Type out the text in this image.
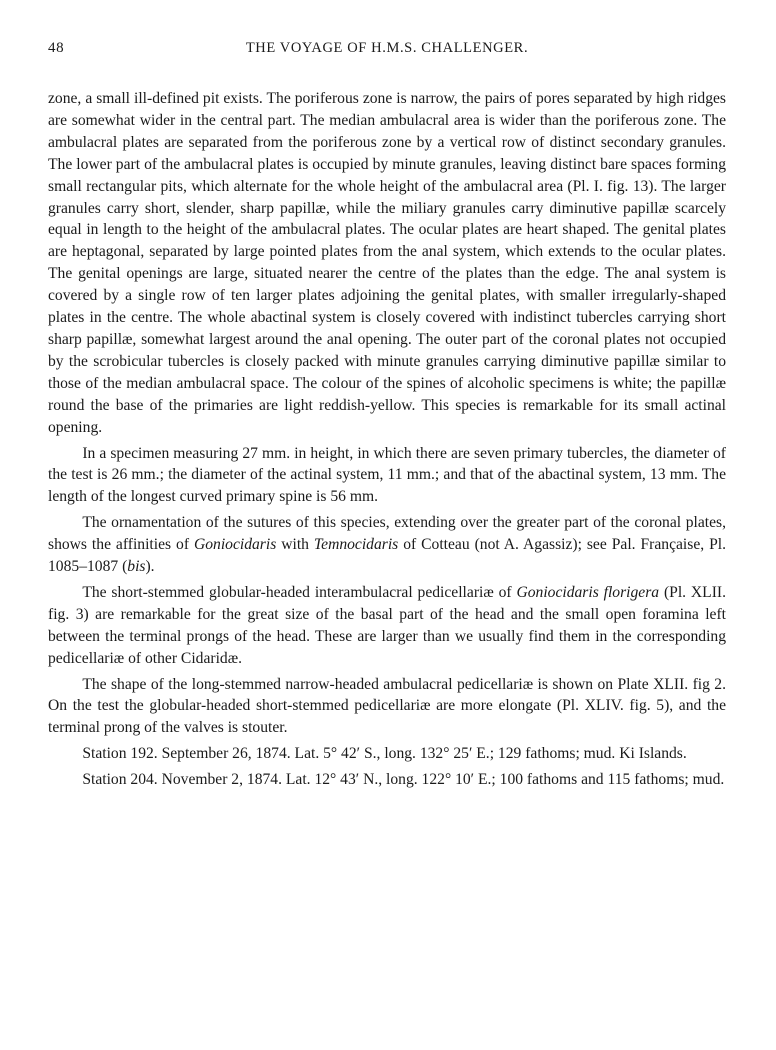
48	THE VOYAGE OF H.M.S. CHALLENGER.

zone, a small ill-defined pit exists. The poriferous zone is narrow, the pairs of pores separated by high ridges are somewhat wider in the central part. The median ambulacral area is wider than the poriferous zone. The ambulacral plates are separated from the poriferous zone by a vertical row of distinct secondary granules. The lower part of the ambulacral plates is occupied by minute granules, leaving distinct bare spaces forming small rectangular pits, which alternate for the whole height of the ambulacral area (Pl. I. fig. 13). The larger granules carry short, slender, sharp papillæ, while the miliary granules carry diminutive papillæ scarcely equal in length to the height of the ambulacral plates. The ocular plates are heart shaped. The genital plates are heptagonal, separated by large pointed plates from the anal system, which extends to the ocular plates. The genital openings are large, situated nearer the centre of the plates than the edge. The anal system is covered by a single row of ten larger plates adjoining the genital plates, with smaller irregularly-shaped plates in the centre. The whole abactinal system is closely covered with indistinct tubercles carrying short sharp papillæ, somewhat largest around the anal opening. The outer part of the coronal plates not occupied by the scrobicular tubercles is closely packed with minute granules carrying diminutive papillæ similar to those of the median ambulacral space. The colour of the spines of alcoholic specimens is white; the papillæ round the base of the primaries are light reddish-yellow. This species is remarkable for its small actinal opening.

In a specimen measuring 27 mm. in height, in which there are seven primary tubercles, the diameter of the test is 26 mm.; the diameter of the actinal system, 11 mm.; and that of the abactinal system, 13 mm. The length of the longest curved primary spine is 56 mm.

The ornamentation of the sutures of this species, extending over the greater part of the coronal plates, shows the affinities of Goniocidaris with Temnocidaris of Cotteau (not A. Agassiz); see Pal. Française, Pl. 1085–1087 (bis).

The short-stemmed globular-headed interambulacral pedicellariæ of Goniocidaris florigera (Pl. XLII. fig. 3) are remarkable for the great size of the basal part of the head and the small open foramina left between the terminal prongs of the head. These are larger than we usually find them in the corresponding pedicellariæ of other Cidaridæ.

The shape of the long-stemmed narrow-headed ambulacral pedicellariæ is shown on Plate XLII. fig 2. On the test the globular-headed short-stemmed pedicellariæ are more elongate (Pl. XLIV. fig. 5), and the terminal prong of the valves is stouter.

Station 192. September 26, 1874. Lat. 5° 42′ S., long. 132° 25′ E.; 129 fathoms; mud. Ki Islands.

Station 204. November 2, 1874. Lat. 12° 43′ N., long. 122° 10′ E.; 100 fathoms and 115 fathoms; mud.
